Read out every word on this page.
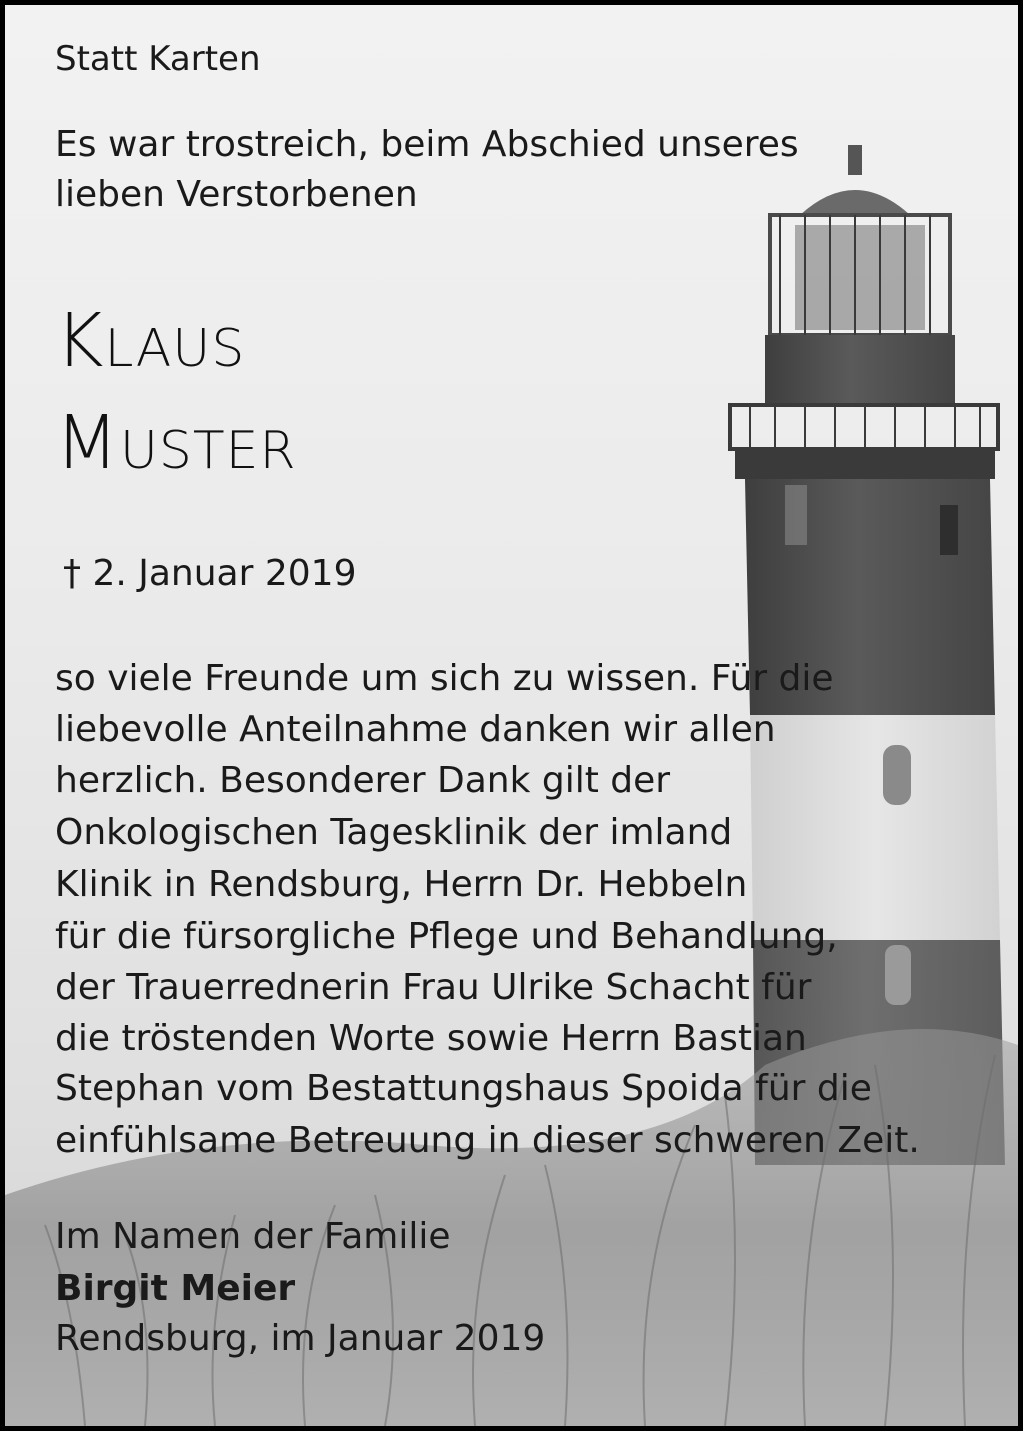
Statt Karten
Es war trostreich, beim Abschied unseres
lieben Verstorbenen
Klaus
Muster
† 2. Januar 2019
so viele Freunde um sich zu wissen. Für die
liebevolle Anteilnahme danken wir allen
herzlich. Besonderer Dank gilt der
Onkologischen Tagesklinik der imland
Klinik in Rendsburg, Herrn Dr. Hebbeln
für die fürsorgliche Pflege und Behandlung,
der Trauerrednerin Frau Ulrike Schacht für
die tröstenden Worte sowie Herrn Bastian
Stephan vom Bestattungshaus Spoida für die
einfühlsame Betreuung in dieser schweren Zeit.
Im Namen der Familie
Birgit Meier
Rendsburg, im Januar 2019
